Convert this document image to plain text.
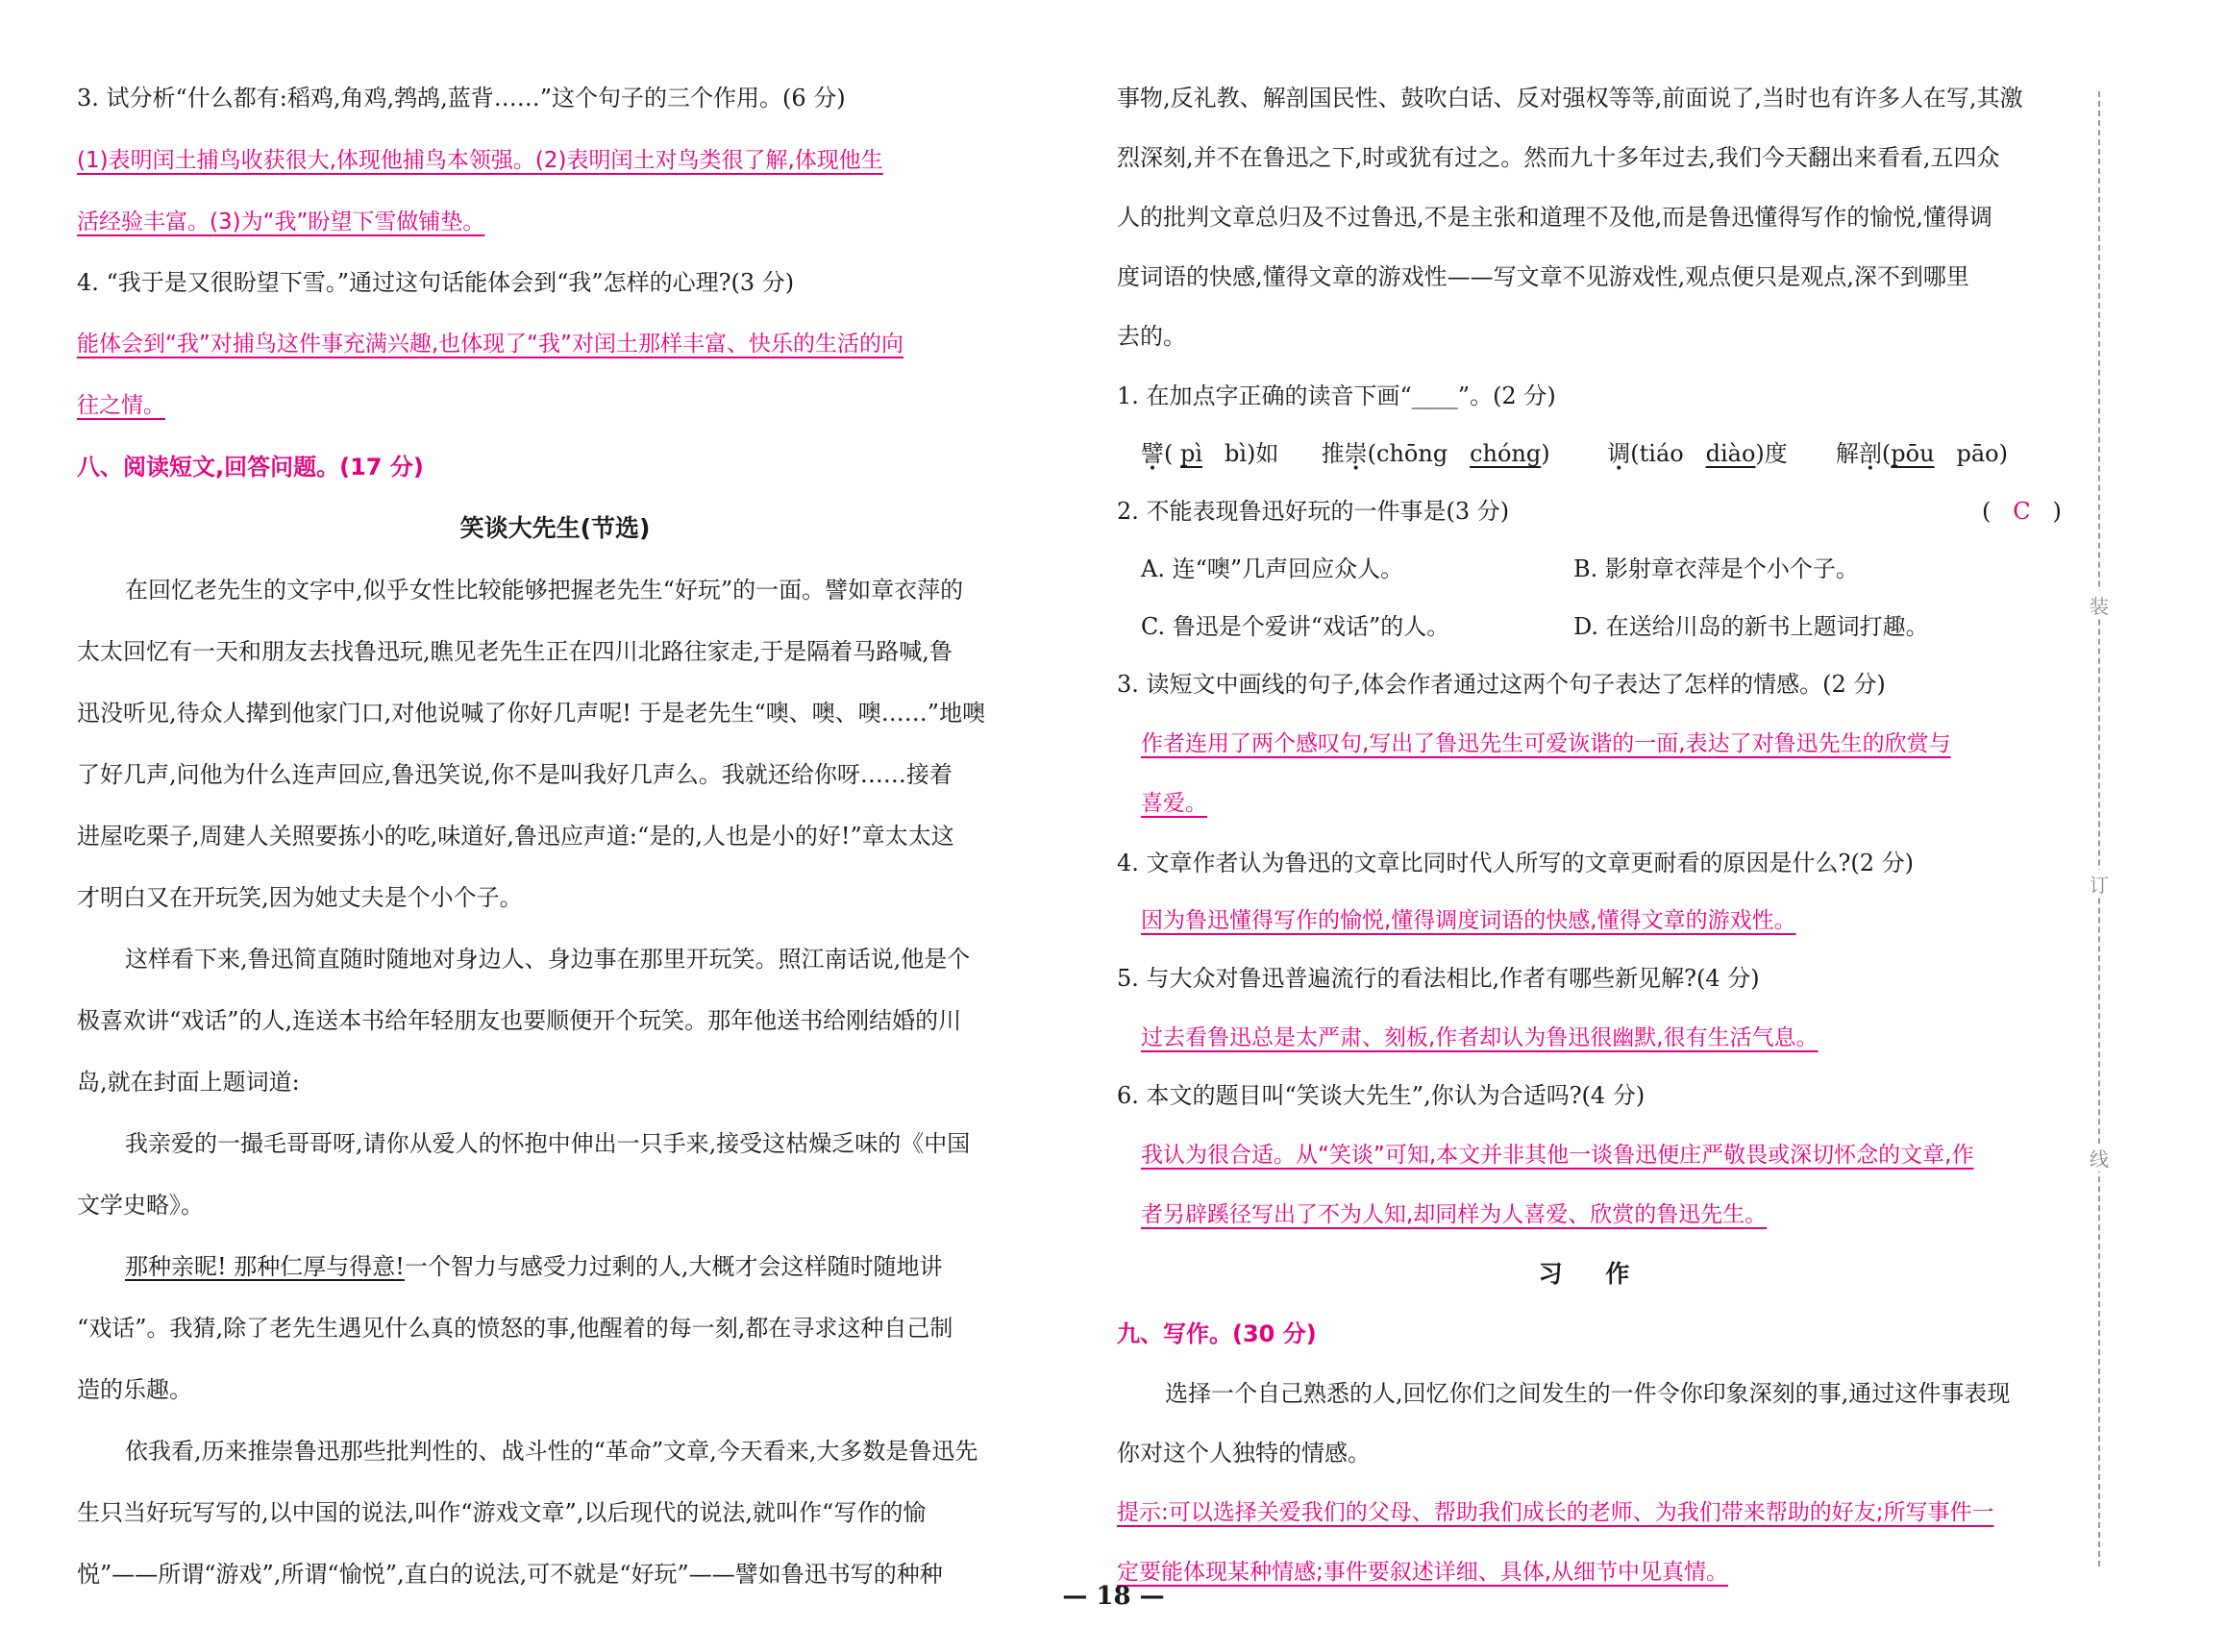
3. 试分析“什么都有:稻鸡,角鸡,鹁鸪,蓝背……”这个句子的三个作用。(6 分)
(1)表明闰土捕鸟收获很大,体现他捕鸟本领强。(2)表明闰土对鸟类很了解,体现他生
活经验丰富。(3)为“我”盼望下雪做铺垫。
4. “我于是又很盼望下雪。”通过这句话能体会到“我”怎样的心理?(3 分)
能体会到“我”对捕鸟这件事充满兴趣,也体现了“我”对闰土那样丰富、快乐的生活的向
往之情。
八、阅读短文,回答问题。(17 分)
笑谈大先生(节选)
在回忆老先生的文字中,似乎女性比较能够把握老先生“好玩”的一面。譬如章衣萍的
太太回忆有一天和朋友去找鲁迅玩,瞧见老先生正在四川北路往家走,于是隔着马路喊,鲁
迅没听见,待众人撵到他家门口,对他说喊了你好几声呢! 于是老先生“噢、噢、噢……”地噢
了好几声,问他为什么连声回应,鲁迅笑说,你不是叫我好几声么。我就还给你呀……接着
进屋吃栗子,周建人关照要拣小的吃,味道好,鲁迅应声道:“是的,人也是小的好!”章太太这
才明白又在开玩笑,因为她丈夫是个小个子。
这样看下来,鲁迅简直随时随地对身边人、身边事在那里开玩笑。照江南话说,他是个
极喜欢讲“戏话”的人,连送本书给年轻朋友也要顺便开个玩笑。那年他送书给刚结婚的川
岛,就在封面上题词道:
我亲爱的一撮毛哥哥呀,请你从爱人的怀抱中伸出一只手来,接受这枯燥乏味的《中国
文学史略》。
那种亲昵! 那种仁厚与得意!一个智力与感受力过剩的人,大概才会这样随时随地讲
“戏话”。我猜,除了老先生遇见什么真的愤怒的事,他醒着的每一刻,都在寻求这种自己制
造的乐趣。
依我看,历来推崇鲁迅那些批判性的、战斗性的“革命”文章,今天看来,大多数是鲁迅先
生只当好玩写写的,以中国的说法,叫作“游戏文章”,以后现代的说法,就叫作“写作的愉
悦”——所谓“游戏”,所谓“愉悦”,直白的说法,可不就是“好玩”——譬如鲁迅书写的种种
事物,反礼教、解剖国民性、鼓吹白话、反对强权等等,前面说了,当时也有许多人在写,其激
烈深刻,并不在鲁迅之下,时或犹有过之。然而九十多年过去,我们今天翻出来看看,五四众
人的批判文章总归及不过鲁迅,不是主张和道理不及他,而是鲁迅懂得写作的愉悦,懂得调
度词语的快感,懂得文章的游戏性——写文章不见游戏性,观点便只是观点,深不到哪里
去的。
1. 在加点字正确的读音下画“____”。(2 分)
譬( pì bì)如 推崇(chōng chóng) 调(tiáo diào)度 解剖(pōu pāo)
2. 不能表现鲁迅好玩的一件事是(3 分)	( C )
A. 连“噢”几声回应众人。	B. 影射章衣萍是个小个子。
C. 鲁迅是个爱讲“戏话”的人。	D. 在送给川岛的新书上题词打趣。
3. 读短文中画线的句子,体会作者通过这两个句子表达了怎样的情感。(2 分)
作者连用了两个感叹句,写出了鲁迅先生可爱诙谐的一面,表达了对鲁迅先生的欣赏与
喜爱。
4. 文章作者认为鲁迅的文章比同时代人所写的文章更耐看的原因是什么?(2 分)
因为鲁迅懂得写作的愉悦,懂得调度词语的快感,懂得文章的游戏性。
5. 与大众对鲁迅普遍流行的看法相比,作者有哪些新见解?(4 分)
过去看鲁迅总是太严肃、刻板,作者却认为鲁迅很幽默,很有生活气息。
6. 本文的题目叫“笑谈大先生”,你认为合适吗?(4 分)
我认为很合适。从“笑谈”可知,本文并非其他一谈鲁迅便庄严敬畏或深切怀念的文章,作
者另辟蹊径写出了不为人知,却同样为人喜爱、欣赏的鲁迅先生。
习 作
九、写作。(30 分)
选择一个自己熟悉的人,回忆你们之间发生的一件令你印象深刻的事,通过这件事表现
你对这个人独特的情感。
提示:可以选择关爱我们的父母、帮助我们成长的老师、为我们带来帮助的好友;所写事件一
定要能体现某种情感;事件要叙述详细、具体,从细节中见真情。
装
订
线
— 18 —
